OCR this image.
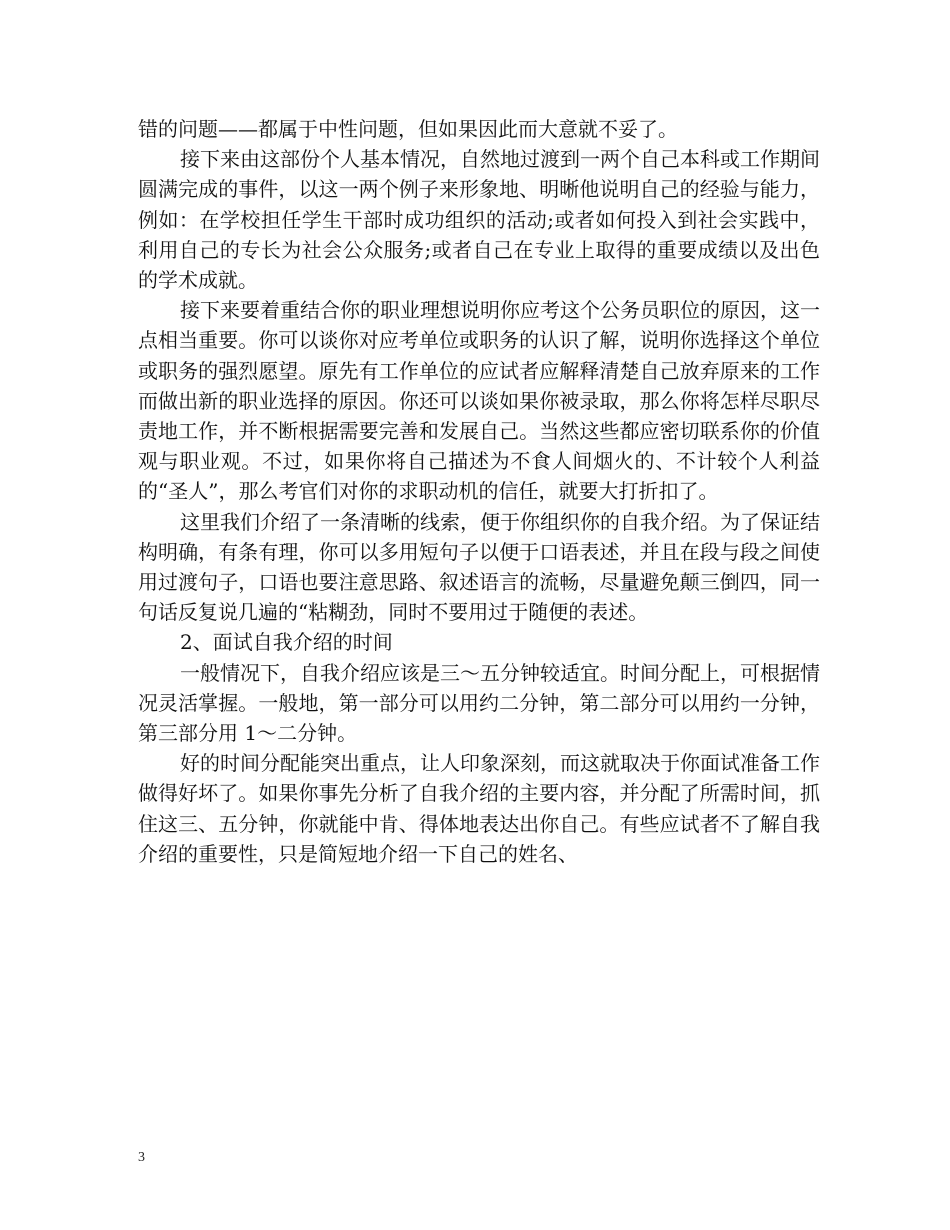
错的问题——都属于中性问题，但如果因此而大意就不妥了。

接下来由这部份个人基本情况，自然地过渡到一两个自己本科或工作期间圆满完成的事件，以这一两个例子来形象地、明晰他说明自己的经验与能力，例如：在学校担任学生干部时成功组织的活动;或者如何投入到社会实践中，利用自己的专长为社会公众服务;或者自己在专业上取得的重要成绩以及出色的学术成就。

接下来要着重结合你的职业理想说明你应考这个公务员职位的原因，这一点相当重要。你可以谈你对应考单位或职务的认识了解，说明你选择这个单位或职务的强烈愿望。原先有工作单位的应试者应解释清楚自己放弃原来的工作而做出新的职业选择的原因。你还可以谈如果你被录取，那么你将怎样尽职尽责地工作，并不断根据需要完善和发展自己。当然这些都应密切联系你的价值观与职业观。不过，如果你将自己描述为不食人间烟火的、不计较个人利益的“圣人”，那么考官们对你的求职动机的信任，就要大打折扣了。

这里我们介绍了一条清晰的线索，便于你组织你的自我介绍。为了保证结构明确，有条有理，你可以多用短句子以便于口语表述，并且在段与段之间使用过渡句子，口语也要注意思路、叙述语言的流畅，尽量避免颠三倒四，同一句话反复说几遍的“粘糊劲，同时不要用过于随便的表述。

2、面试自我介绍的时间

一般情况下，自我介绍应该是三～五分钟较适宜。时间分配上，可根据情况灵活掌握。一般地，第一部分可以用约二分钟，第二部分可以用约一分钟，第三部分用 1～二分钟。

好的时间分配能突出重点，让人印象深刻，而这就取决于你面试准备工作做得好坏了。如果你事先分析了自我介绍的主要内容，并分配了所需时间，抓住这三、五分钟，你就能中肯、得体地表达出你自己。有些应试者不了解自我介绍的重要性，只是简短地介绍一下自己的姓名、

3
